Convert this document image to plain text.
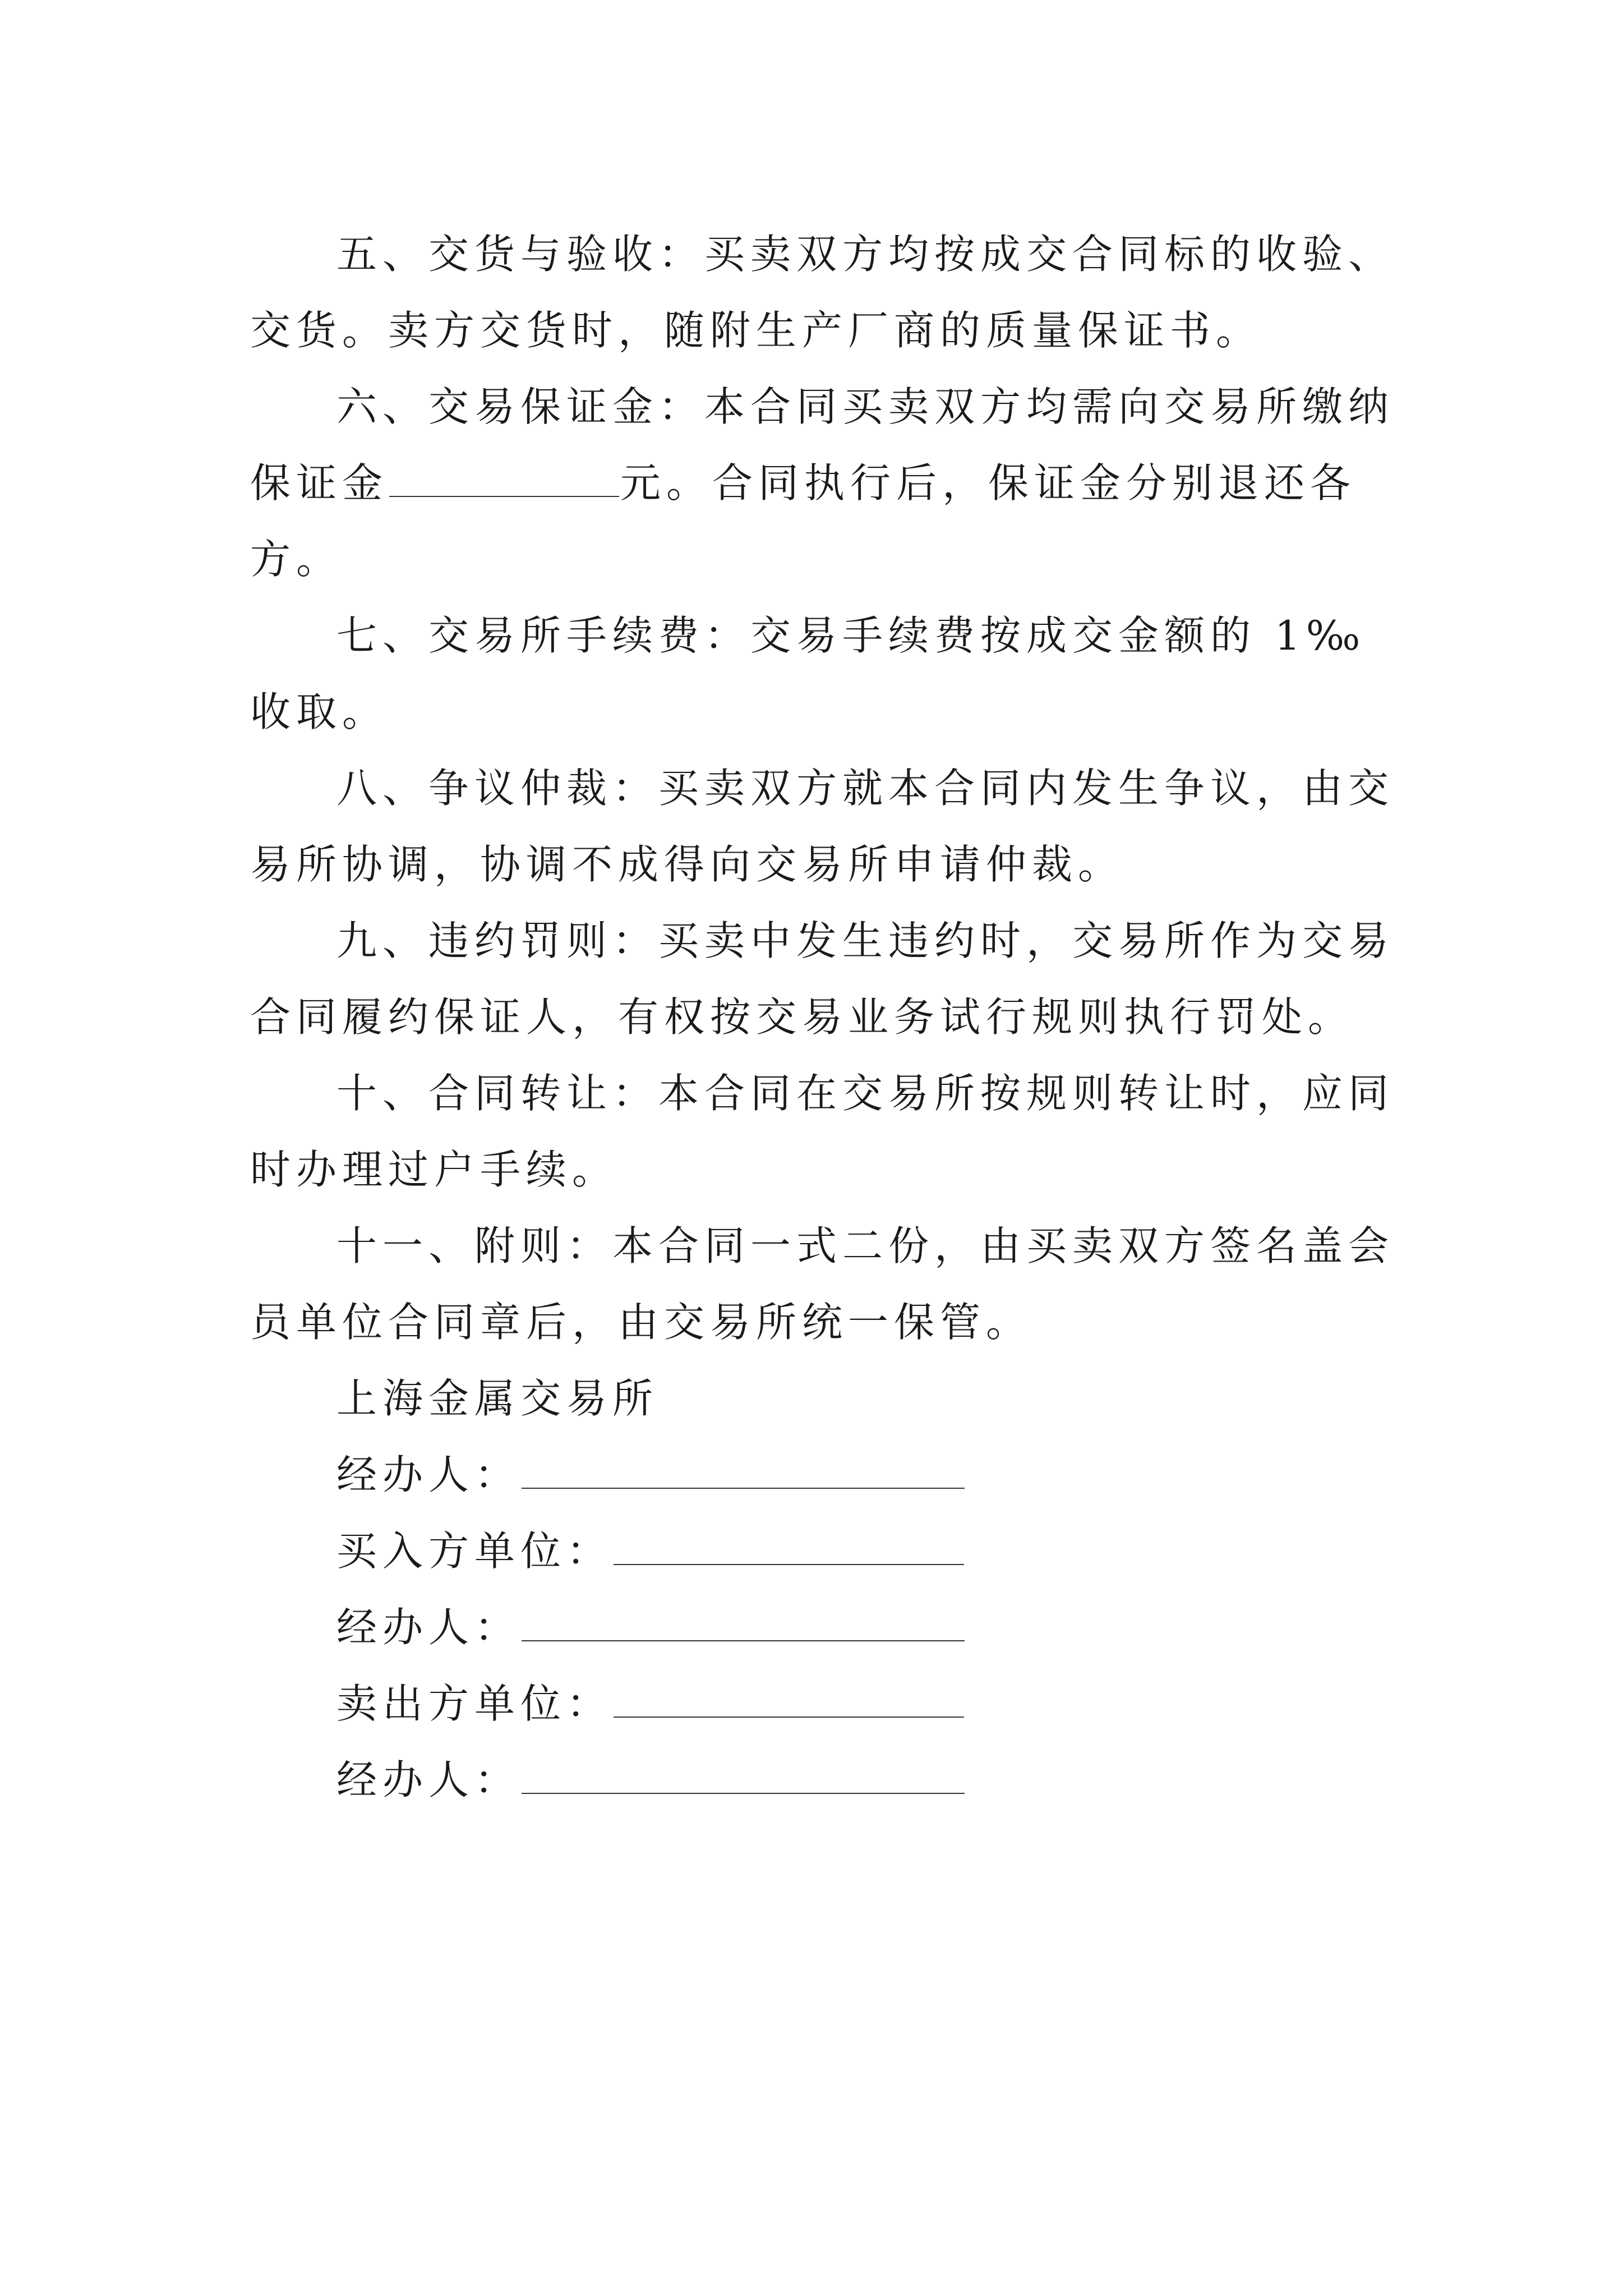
五、交货与验收：买卖双方均按成交合同标的收验、交货。卖方交货时，随附生产厂商的质量保证书。

六、交易保证金：本合同买卖双方均需向交易所缴纳保证金	元。合同执行后，保证金分别退还各方。

七、交易所手续费：交易手续费按成交金额的 1‰收取。

八、争议仲裁：买卖双方就本合同内发生争议，由交易所协调，协调不成得向交易所申请仲裁。

九、违约罚则：买卖中发生违约时，交易所作为交易合同履约保证人，有权按交易业务试行规则执行罚处。

十、合同转让：本合同在交易所按规则转让时，应同时办理过户手续。

十一、附则：本合同一式二份，由买卖双方签名盖会员单位合同章后，由交易所统一保管。

上海金属交易所

经办人：

买入方单位：

经办人：

卖出方单位：

经办人：
